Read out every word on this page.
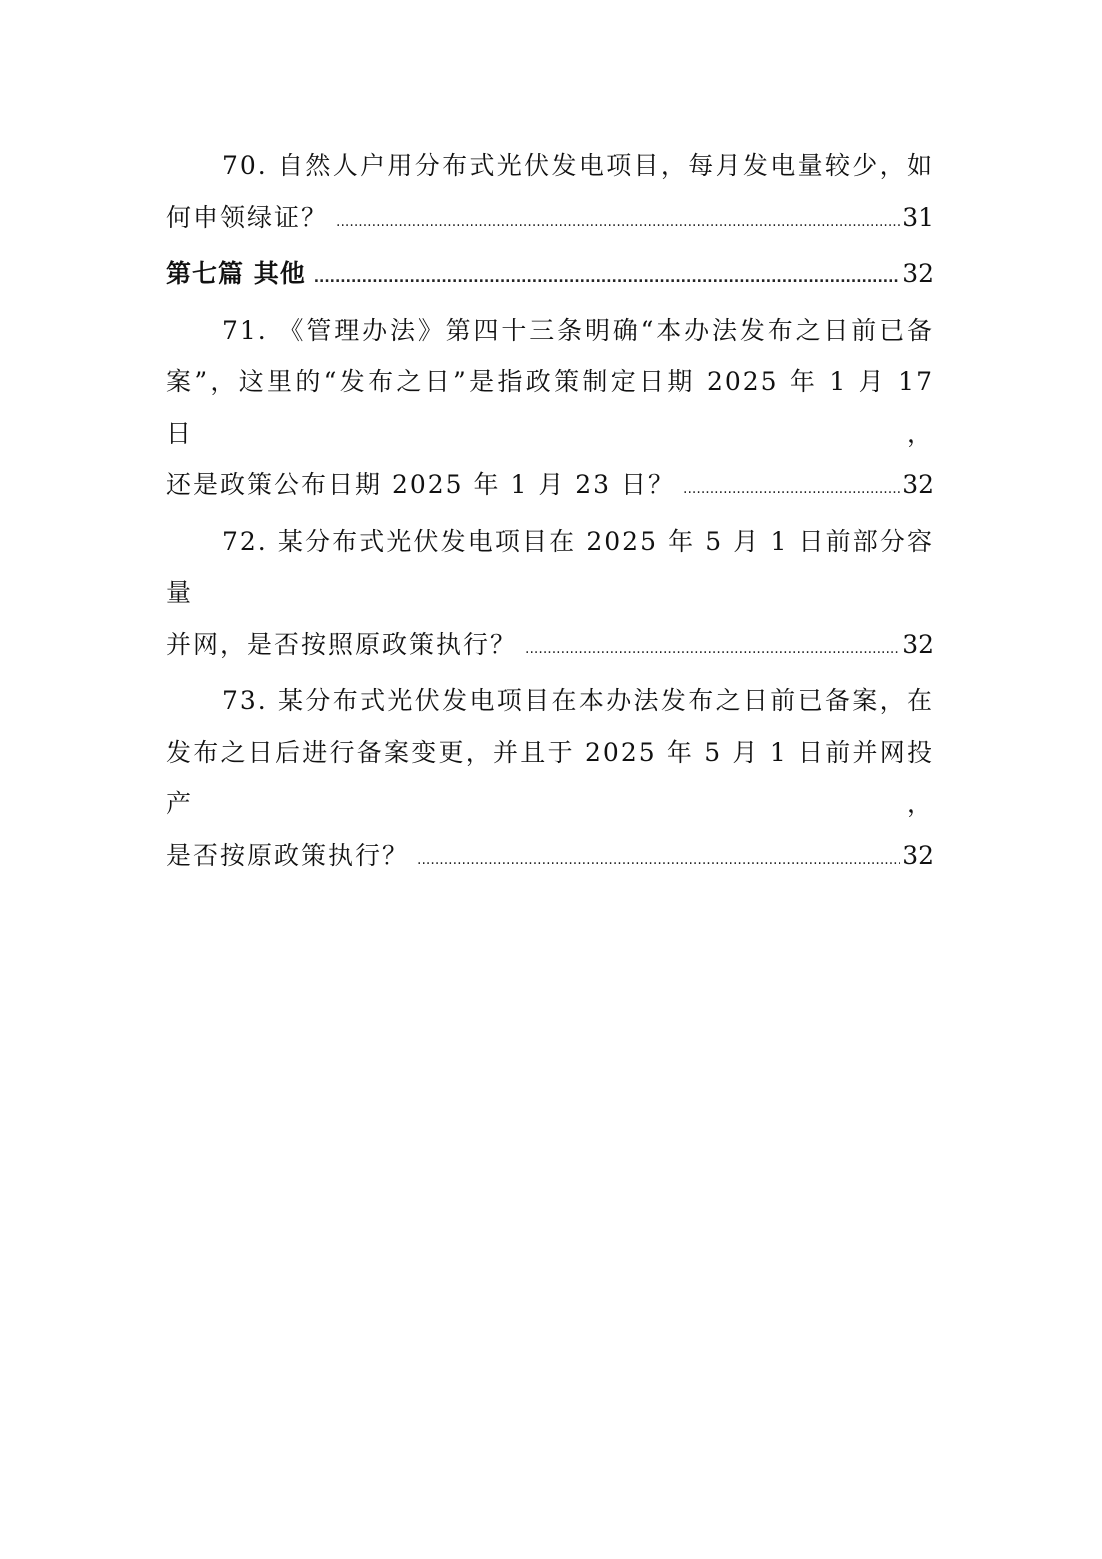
70. 自然人户用分布式光伏发电项目，每月发电量较少，如
何申领绿证？ .....	31
第七篇 其他 .....	32
71. 《管理办法》第四十三条明确“本办法发布之日前已备
案”，这里的“发布之日”是指政策制定日期 2025 年 1 月 17 日，
还是政策公布日期 2025 年 1 月 23 日？ .....	32
72. 某分布式光伏发电项目在 2025 年 5 月 1 日前部分容量
并网，是否按照原政策执行？ .....	32
73. 某分布式光伏发电项目在本办法发布之日前已备案，在
发布之日后进行备案变更，并且于 2025 年 5 月 1 日前并网投产，
是否按原政策执行？ .....	32
